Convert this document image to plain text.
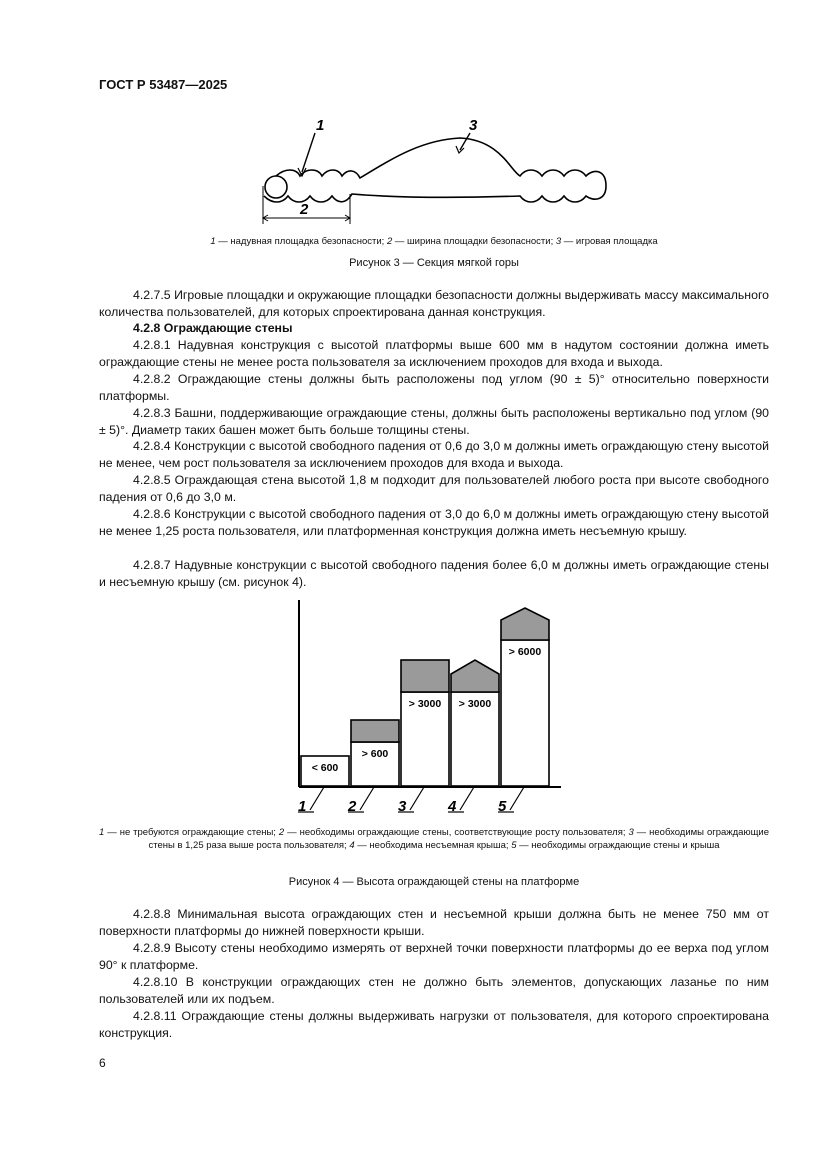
ГОСТ Р 53487—2025
1
2
3
1 — надувная площадка безопасности; 2 — ширина площадки безопасности; 3 — игровая площадка
Рисунок 3 — Секция мягкой горы
4.2.7.5 Игровые площадки и окружающие площадки безопасности должны выдерживать массу максимального количества пользователей, для которых спроектирована данная конструкция.
4.2.8 Ограждающие стены
4.2.8.1 Надувная конструкция с высотой платформы выше 600 мм в надутом состоянии должна иметь ограждающие стены не менее роста пользователя за исключением проходов для входа и выхода.
4.2.8.2 Ограждающие стены должны быть расположены под углом (90 ± 5)° относительно поверхности платформы.
4.2.8.3 Башни, поддерживающие ограждающие стены, должны быть расположены вертикально под углом (90 ± 5)°. Диаметр таких башен может быть больше толщины стены.
4.2.8.4 Конструкции с высотой свободного падения от 0,6 до 3,0 м должны иметь ограждающую стену высотой не менее, чем рост пользователя за исключением проходов для входа и выхода.
4.2.8.5 Ограждающая стена высотой 1,8 м подходит для пользователей любого роста при высоте свободного падения от 0,6 до 3,0 м.
4.2.8.6 Конструкции с высотой свободного падения от 3,0 до 6,0 м должны иметь ограждающую стену высотой не менее 1,25 роста пользователя, или платформенная конструкция должна иметь несъемную крышу.
4.2.8.7 Надувные конструкции с высотой свободного падения более 6,0 м должны иметь ограждающие стены и несъемную крышу (см. рисунок 4).
< 600
> 600
> 3000 > 3000
> 6000
1	2	3	4	5
1 — не требуются ограждающие стены; 2 — необходимы ограждающие стены, соответствующие росту пользователя; 3 — необходимы ограждающие стены в 1,25 раза выше роста пользователя; 4 — необходима несъемная крыша; 5 — необходимы ограждающие стены и крыша
Рисунок 4 — Высота ограждающей стены на платформе
4.2.8.8 Минимальная высота ограждающих стен и несъемной крыши должна быть не менее 750 мм от поверхности платформы до нижней поверхности крыши.
4.2.8.9 Высоту стены необходимо измерять от верхней точки поверхности платформы до ее верха под углом 90° к платформе.
4.2.8.10 В конструкции ограждающих стен не должно быть элементов, допускающих лазанье по ним пользователей или их подъем.
4.2.8.11 Ограждающие стены должны выдерживать нагрузки от пользователя, для которого спроектирована конструкция.
6
